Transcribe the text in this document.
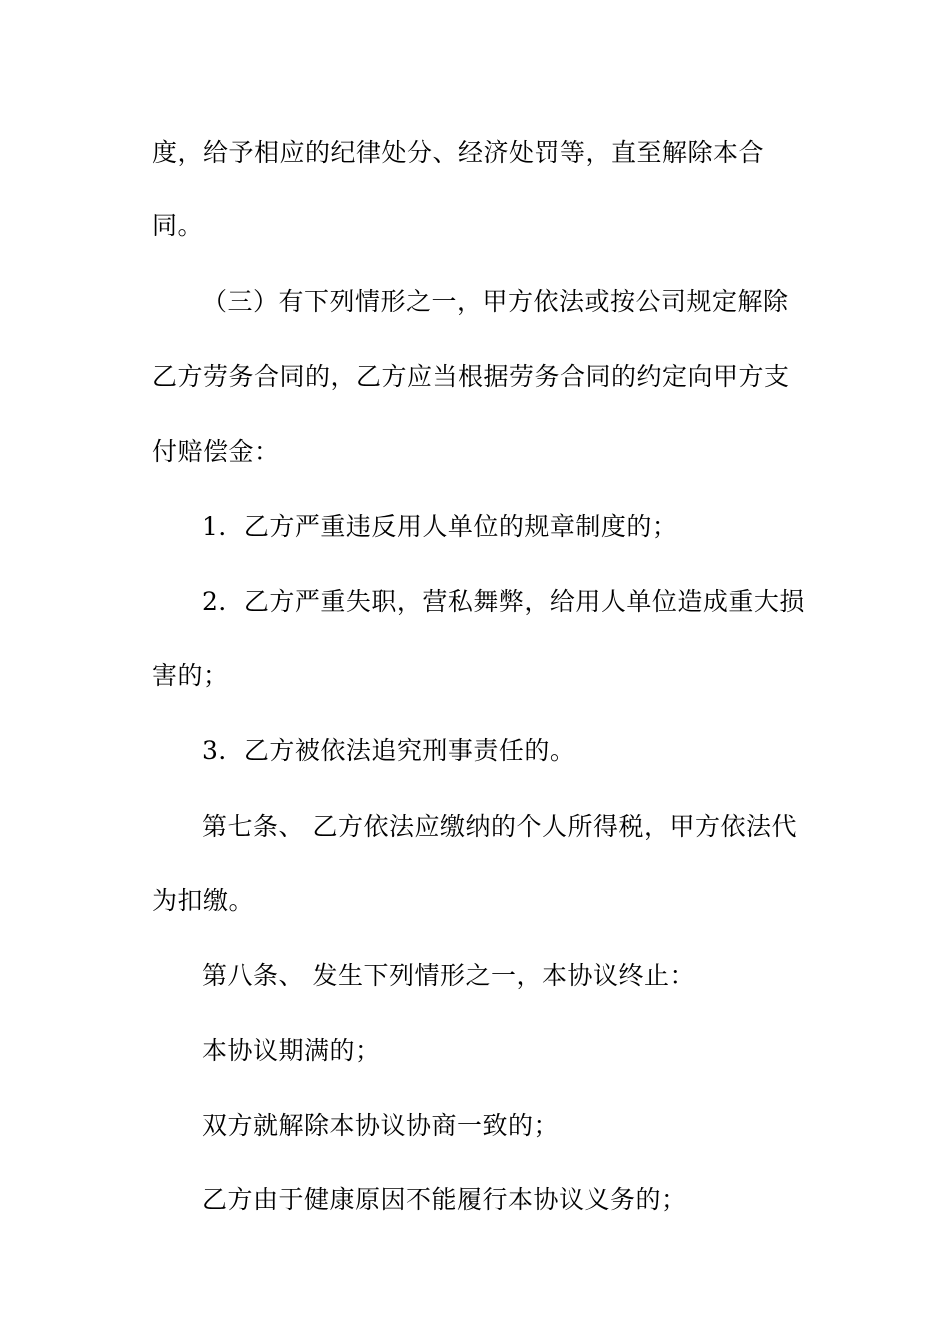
度，给予相应的纪律处分、经济处罚等，直至解除本合
同。
（三）有下列情形之一，甲方依法或按公司规定解除
乙方劳务合同的，乙方应当根据劳务合同的约定向甲方支
付赔偿金：
1．乙方严重违反用人单位的规章制度的；
2．乙方严重失职，营私舞弊，给用人单位造成重大损
害的；
3．乙方被依法追究刑事责任的。
第七条、 乙方依法应缴纳的个人所得税，甲方依法代
为扣缴。
第八条、 发生下列情形之一，本协议终止：
本协议期满的；
双方就解除本协议协商一致的；
乙方由于健康原因不能履行本协议义务的；
